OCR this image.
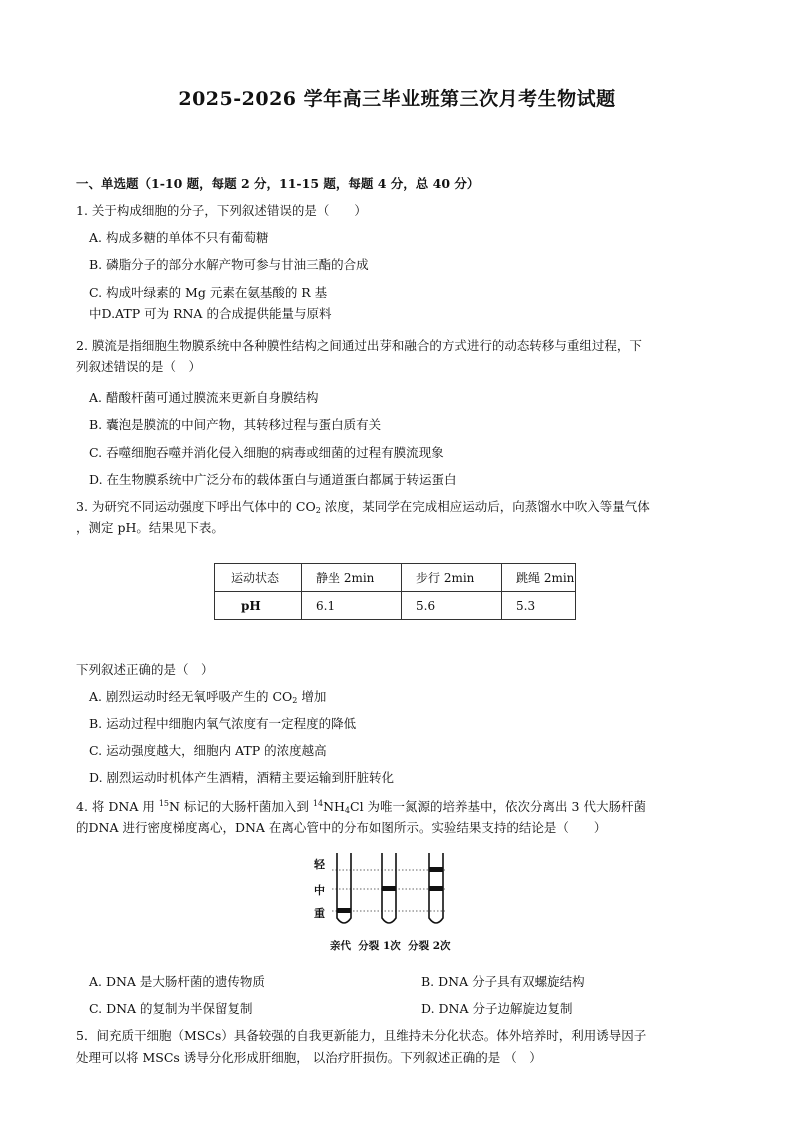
2025-2026 学年高三毕业班第三次月考生物试题
一、单选题（1-10 题，每题 2 分，11-15 题，每题 4 分，总 40 分）
1. 关于构成细胞的分子，下列叙述错误的是（　　）
A. 构成多糖的单体不只有葡萄糖
B. 磷脂分子的部分水解产物可参与甘油三酯的合成
C. 构成叶绿素的 Mg 元素在氨基酸的 R 基
中D.ATP 可为 RNA 的合成提供能量与原料
2. 膜流是指细胞生物膜系统中各种膜性结构之间通过出芽和融合的方式进行的动态转移与重组过程，下
列叙述错误的是（　）
A. 醋酸杆菌可通过膜流来更新自身膜结构
B. 囊泡是膜流的中间产物，其转移过程与蛋白质有关
C. 吞噬细胞吞噬并消化侵入细胞的病毒或细菌的过程有膜流现象
D. 在生物膜系统中广泛分布的载体蛋白与通道蛋白都属于转运蛋白
3. 为研究不同运动强度下呼出气体中的 $CO_2$ 浓度，某同学在完成相应运动后，向蒸馏水中吹入等量气体
，测定 pH。结果见下表。
运动状态	静坐 2min	步行 2min	跳绳 2min
pH	6.1	5.6	5.3
下列叙述正确的是（　）
A. 剧烈运动时经无氧呼吸产生的 $CO_2$ 增加
B. 运动过程中细胞内氧气浓度有一定程度的降低
C. 运动强度越大，细胞内 ATP 的浓度越高
D. 剧烈运动时机体产生酒精，酒精主要运输到肝脏转化
4. 将 DNA 用 $^{15}$N 标记的大肠杆菌加入到 $^{14}NH_4Cl$ 为唯一氮源的培养基中，依次分离出 3 代大肠杆菌
的DNA 进行密度梯度离心，DNA 在离心管中的分布如图所示。实验结果支持的结论是（　　）
轻
中
重
亲代  分裂 1次  分裂 2次
A. DNA 是大肠杆菌的遗传物质	B. DNA 分子具有双螺旋结构
C. DNA 的复制为半保留复制	D. DNA 分子边解旋边复制
5．间充质干细胞（MSCs）具备较强的自我更新能力，且维持未分化状态。体外培养时，利用诱导因子
处理可以将 MSCs 诱导分化形成肝细胞， 以治疗肝损伤。下列叙述正确的是 （　）
